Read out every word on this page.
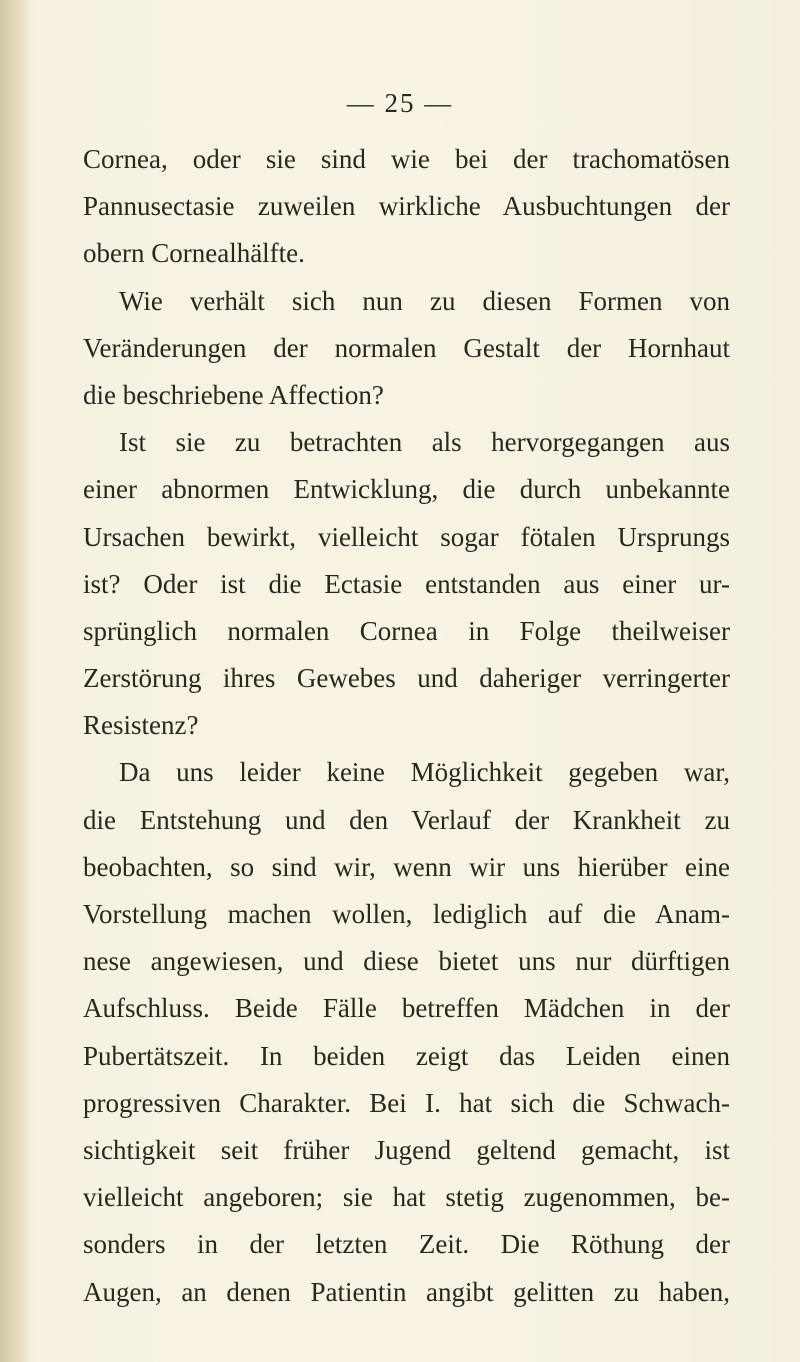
— 25 —
Cornea, oder sie sind wie bei der trachomatösen
Pannusectasie zuweilen wirkliche Ausbuchtungen der
obern Cornealhälfte.
Wie verhält sich nun zu diesen Formen von
Veränderungen der normalen Gestalt der Hornhaut
die beschriebene Affection?
Ist sie zu betrachten als hervorgegangen aus
einer abnormen Entwicklung, die durch unbekannte
Ursachen bewirkt, vielleicht sogar fötalen Ursprungs
ist? Oder ist die Ectasie entstanden aus einer ur-
sprünglich normalen Cornea in Folge theilweiser
Zerstörung ihres Gewebes und daheriger verringerter
Resistenz?
Da uns leider keine Möglichkeit gegeben war,
die Entstehung und den Verlauf der Krankheit zu
beobachten, so sind wir, wenn wir uns hierüber eine
Vorstellung machen wollen, lediglich auf die Anam-
nese angewiesen, und diese bietet uns nur dürftigen
Aufschluss. Beide Fälle betreffen Mädchen in der
Pubertätszeit. In beiden zeigt das Leiden einen
progressiven Charakter. Bei I. hat sich die Schwach-
sichtigkeit seit früher Jugend geltend gemacht, ist
vielleicht angeboren; sie hat stetig zugenommen, be-
sonders in der letzten Zeit. Die Röthung der
Augen, an denen Patientin angibt gelitten zu haben,
